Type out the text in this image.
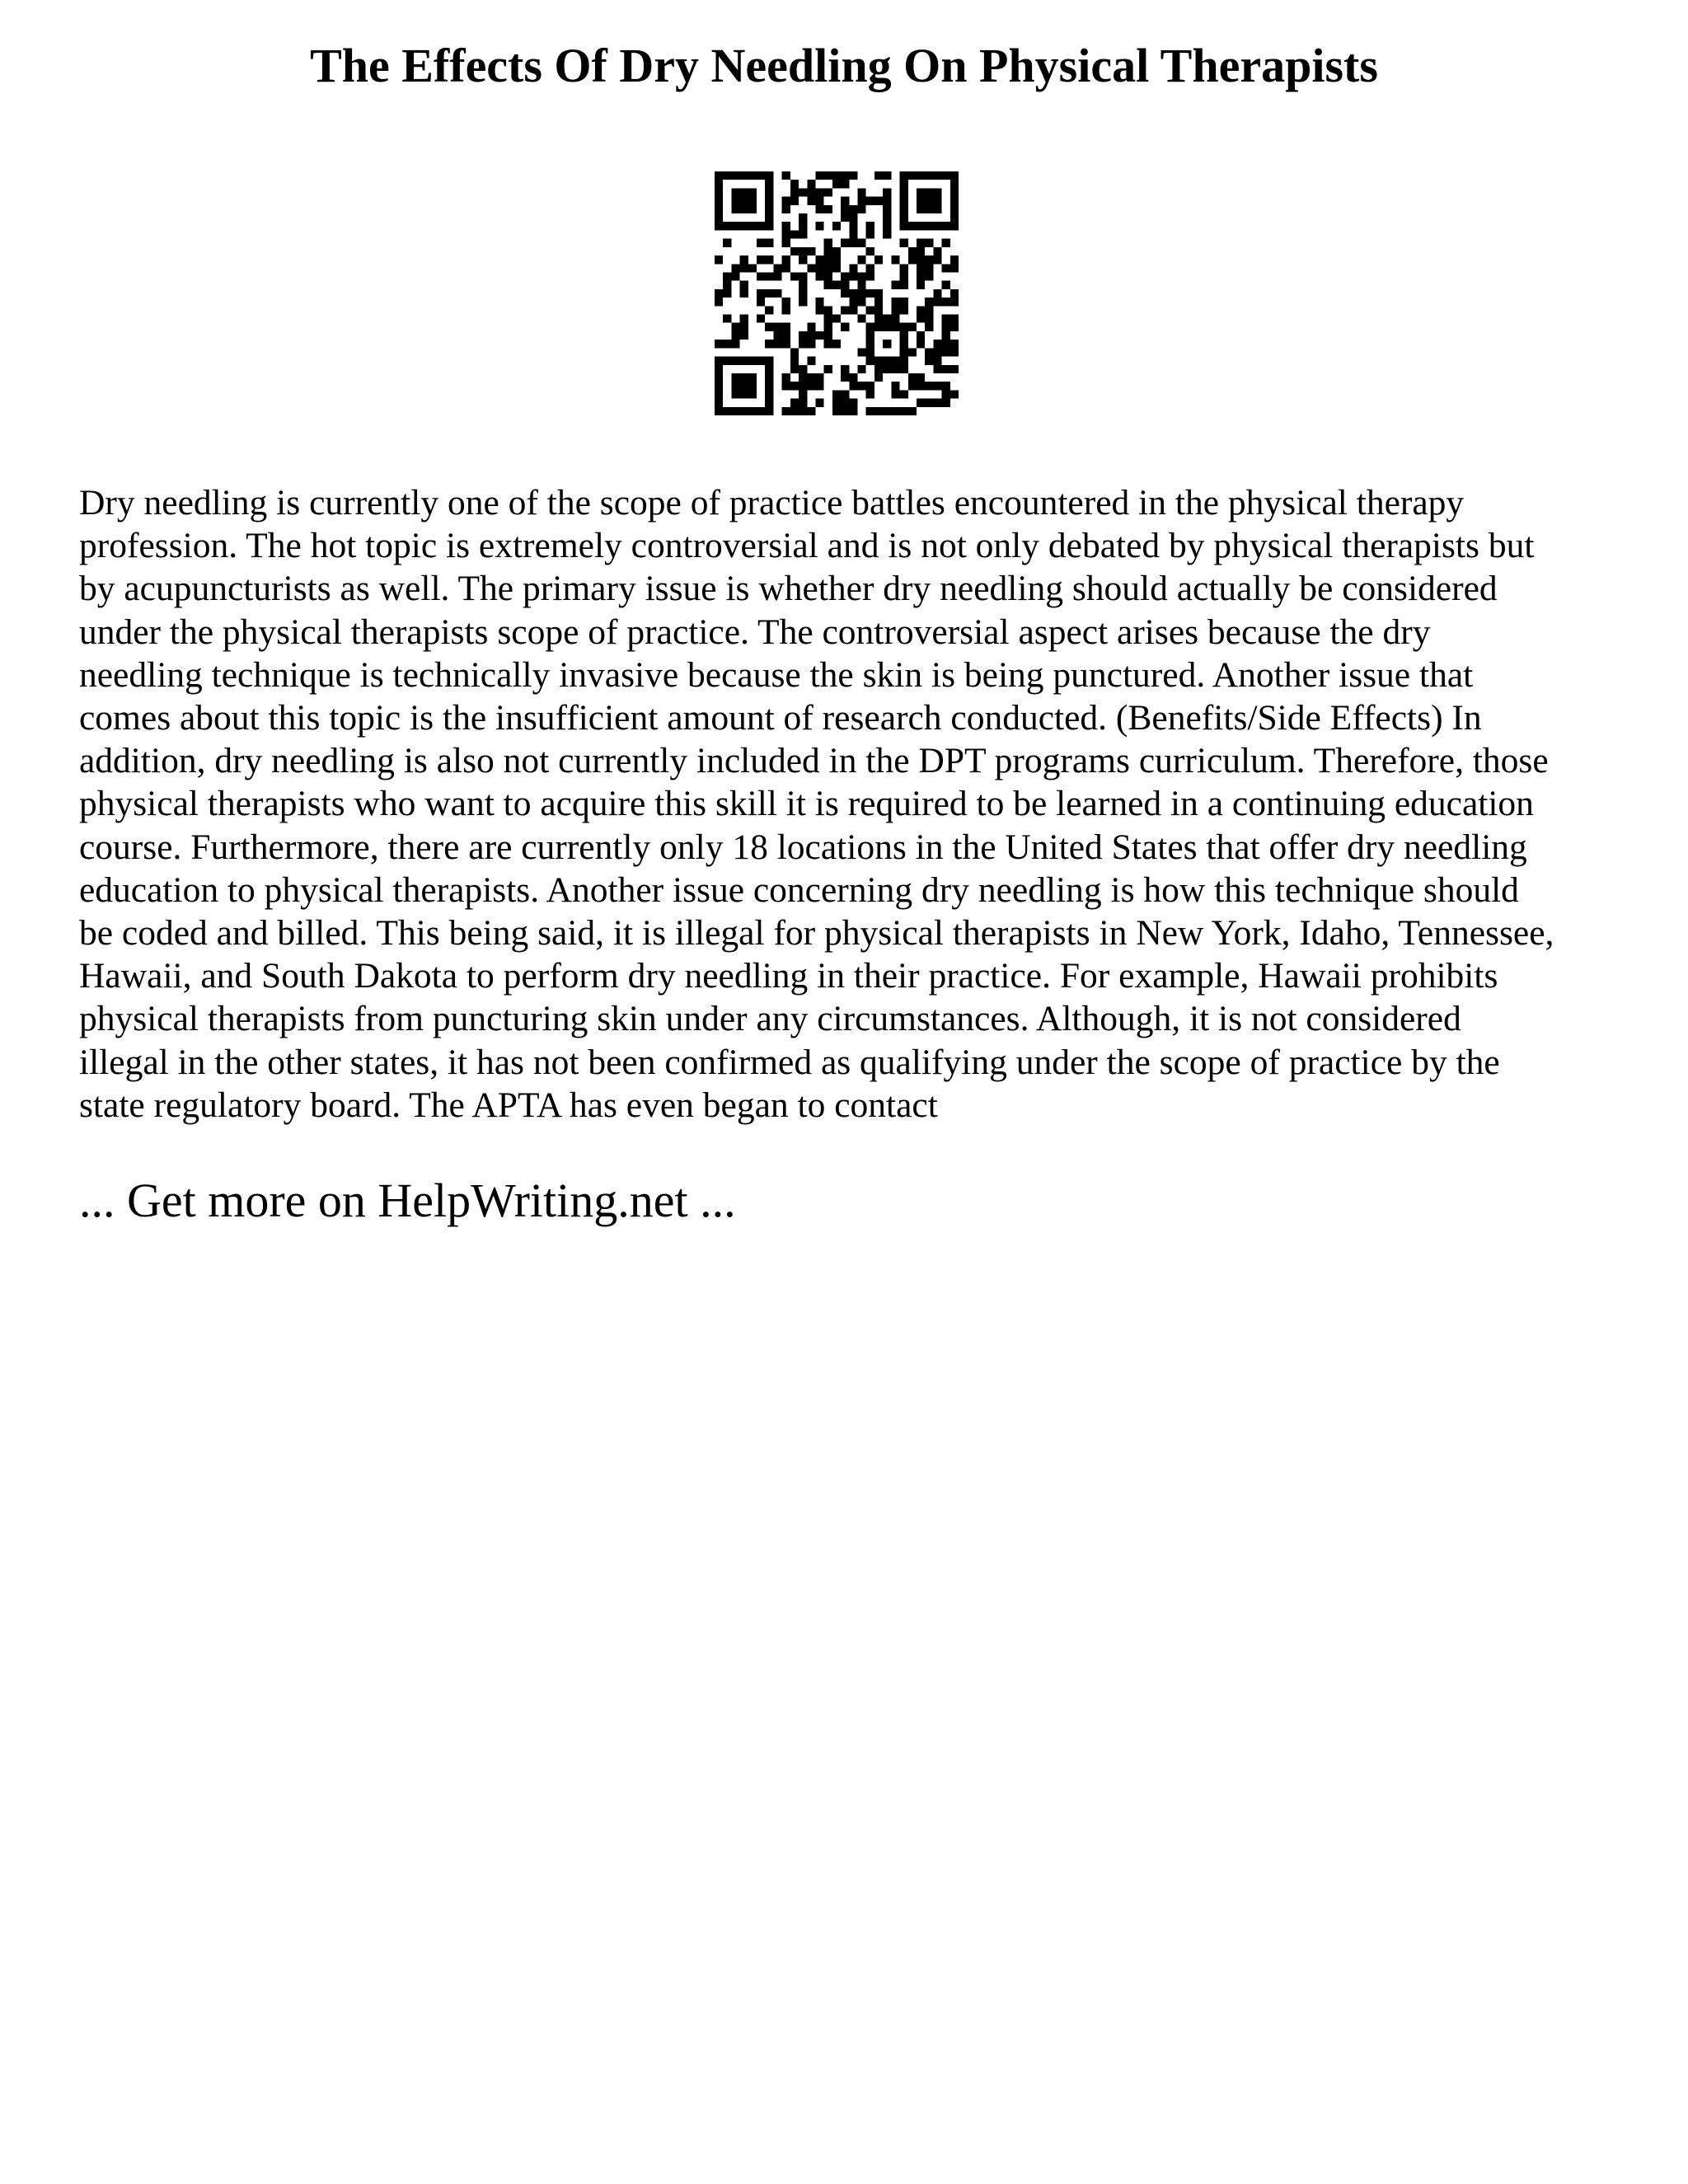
The Effects Of Dry Needling On Physical Therapists
Dry needling is currently one of the scope of practice battles encountered in the physical therapy
profession. The hot topic is extremely controversial and is not only debated by physical therapists but
by acupuncturists as well. The primary issue is whether dry needling should actually be considered
under the physical therapists scope of practice. The controversial aspect arises because the dry
needling technique is technically invasive because the skin is being punctured. Another issue that
comes about this topic is the insufficient amount of research conducted. (Benefits/Side Effects) In
addition, dry needling is also not currently included in the DPT programs curriculum. Therefore, those
physical therapists who want to acquire this skill it is required to be learned in a continuing education
course. Furthermore, there are currently only 18 locations in the United States that offer dry needling
education to physical therapists. Another issue concerning dry needling is how this technique should
be coded and billed. This being said, it is illegal for physical therapists in New York, Idaho, Tennessee,
Hawaii, and South Dakota to perform dry needling in their practice. For example, Hawaii prohibits
physical therapists from puncturing skin under any circumstances. Although, it is not considered
illegal in the other states, it has not been confirmed as qualifying under the scope of practice by the
state regulatory board. The APTA has even began to contact
... Get more on HelpWriting.net ...
